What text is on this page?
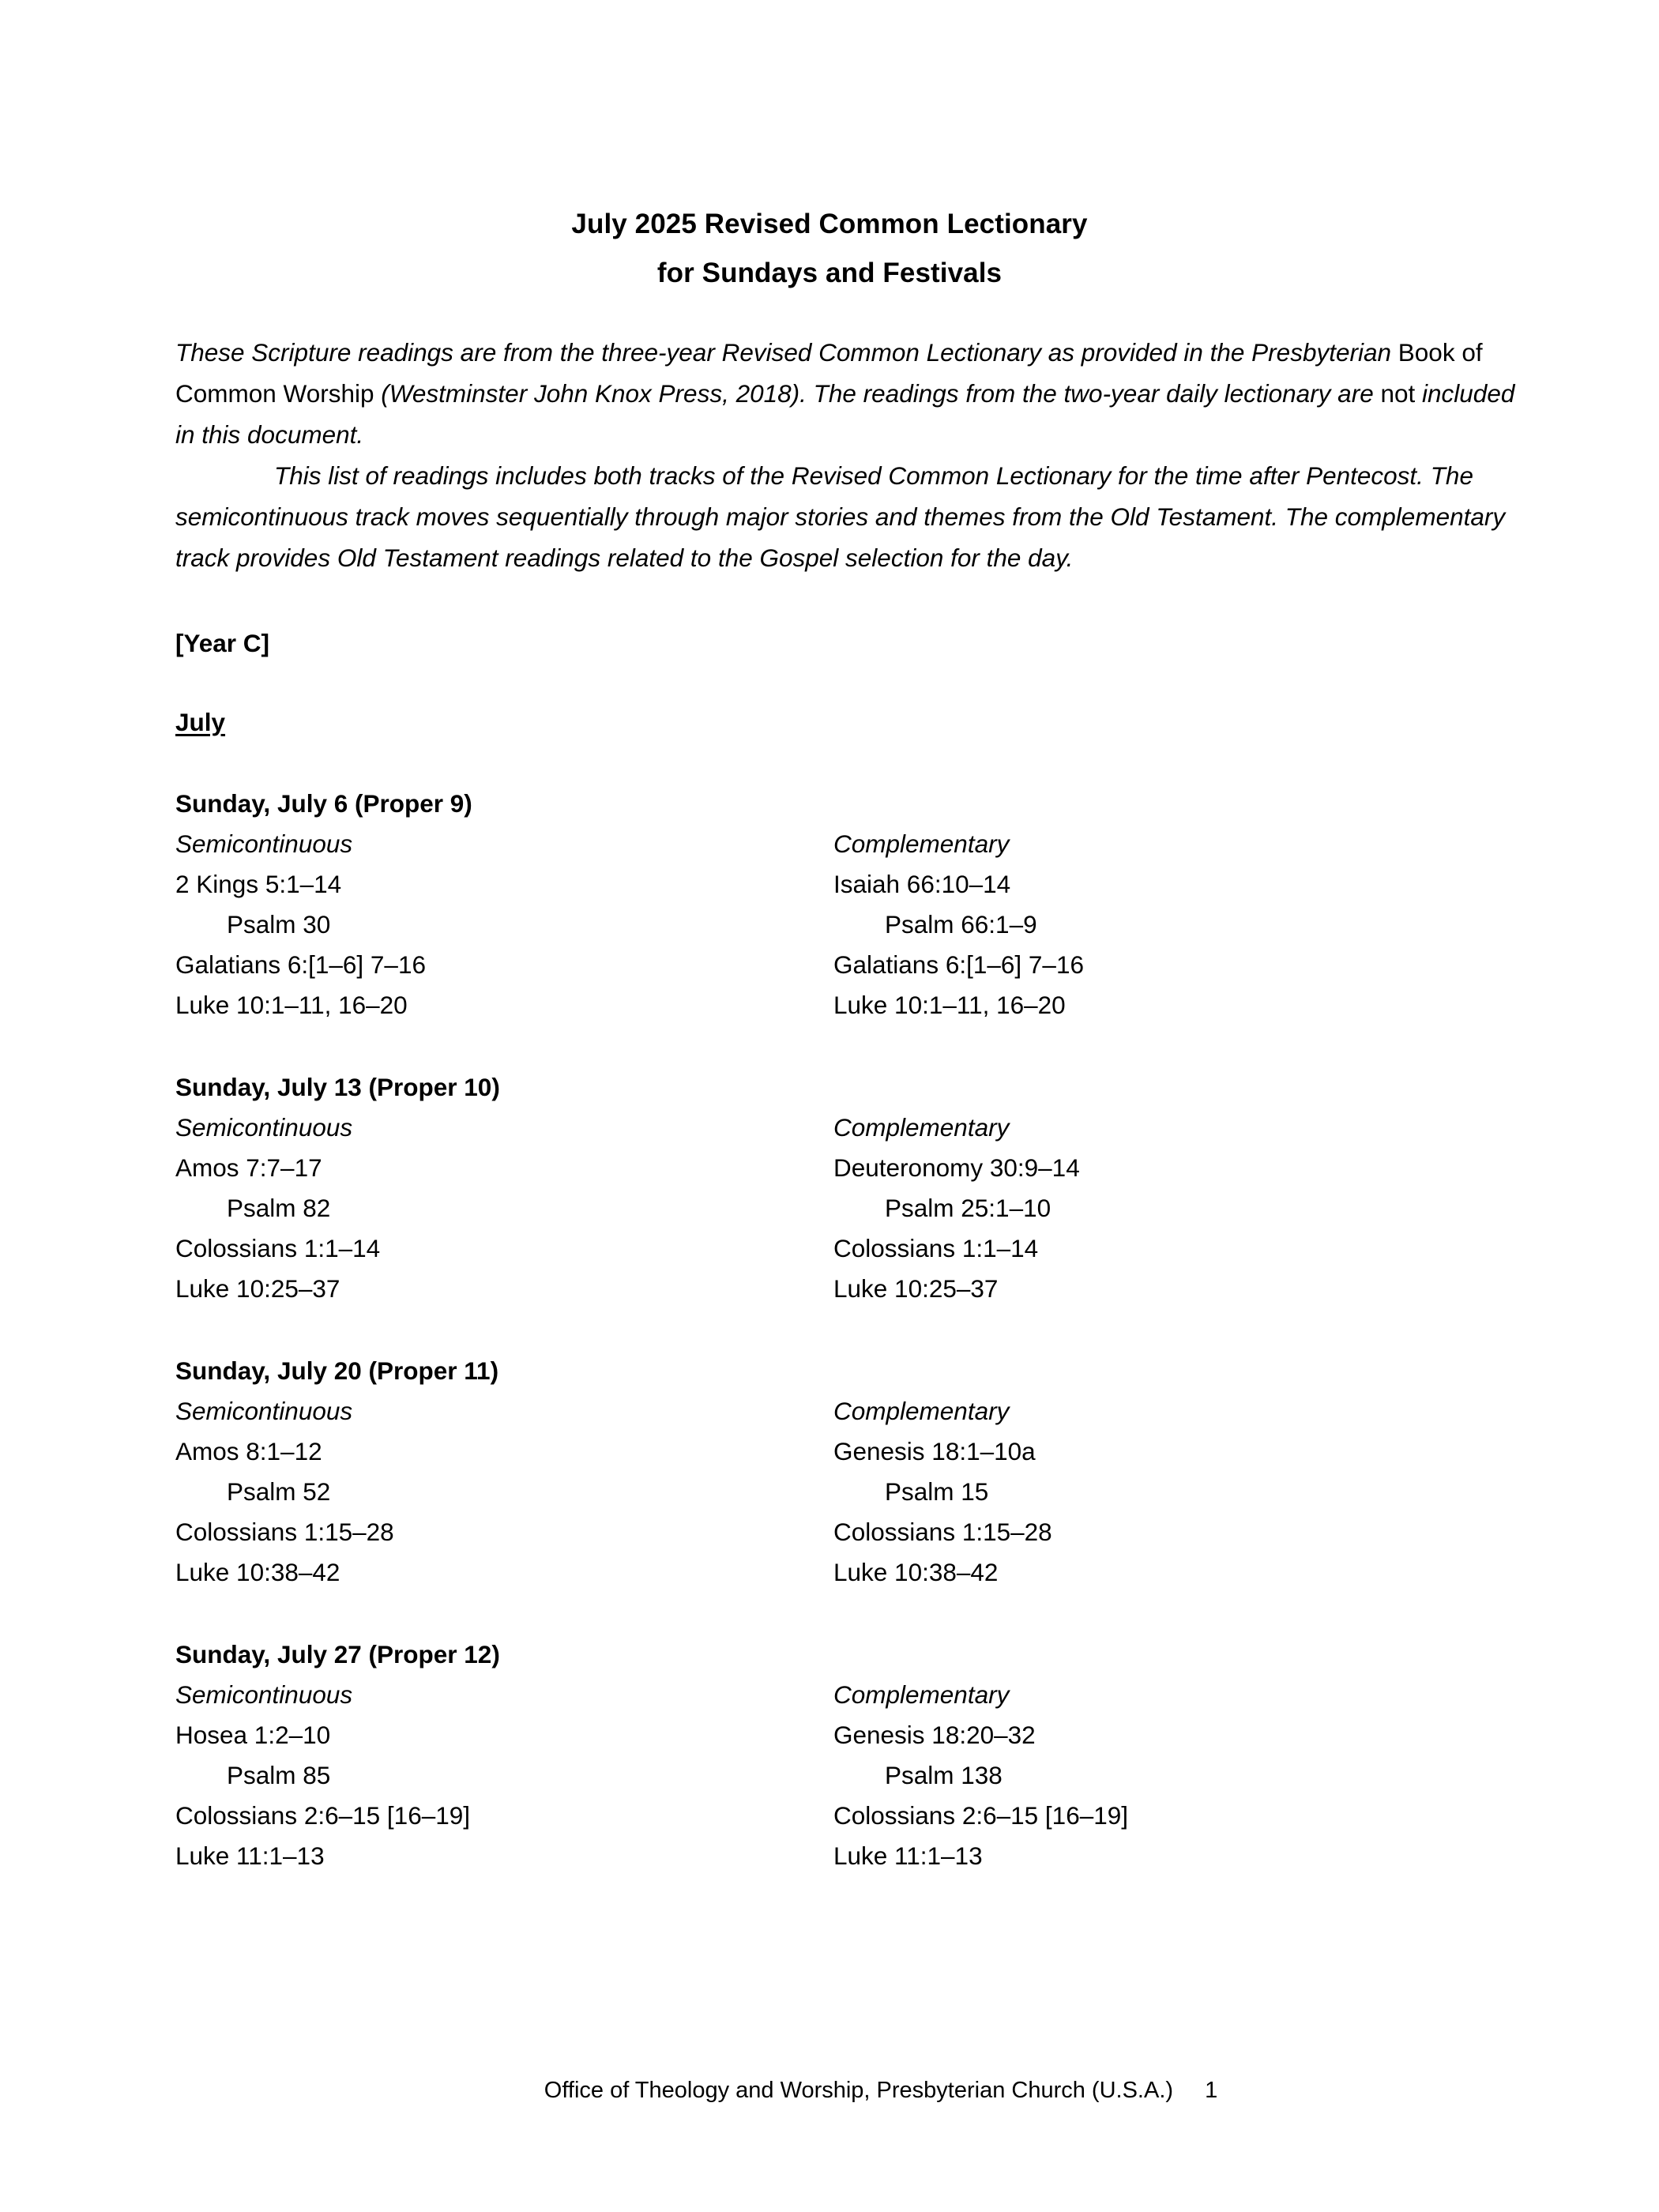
July 2025 Revised Common Lectionary
for Sundays and Festivals
These Scripture readings are from the three-year Revised Common Lectionary as provided in the Presbyterian Book of Common Worship (Westminster John Knox Press, 2018). The readings from the two-year daily lectionary are not included in this document.
This list of readings includes both tracks of the Revised Common Lectionary for the time after Pentecost. The semicontinuous track moves sequentially through major stories and themes from the Old Testament. The complementary track provides Old Testament readings related to the Gospel selection for the day.
[Year C]
July
Sunday, July 6 (Proper 9)
Semicontinuous
2 Kings 5:1–14
Psalm 30
Galatians 6:[1–6] 7–16
Luke 10:1–11, 16–20
Complementary
Isaiah 66:10–14
Psalm 66:1–9
Galatians 6:[1–6] 7–16
Luke 10:1–11, 16–20
Sunday, July 13 (Proper 10)
Semicontinuous
Amos 7:7–17
Psalm 82
Colossians 1:1–14
Luke 10:25–37
Complementary
Deuteronomy 30:9–14
Psalm 25:1–10
Colossians 1:1–14
Luke 10:25–37
Sunday, July 20 (Proper 11)
Semicontinuous
Amos 8:1–12
Psalm 52
Colossians 1:15–28
Luke 10:38–42
Complementary
Genesis 18:1–10a
Psalm 15
Colossians 1:15–28
Luke 10:38–42
Sunday, July 27 (Proper 12)
Semicontinuous
Hosea 1:2–10
Psalm 85
Colossians 2:6–15 [16–19]
Luke 11:1–13
Complementary
Genesis 18:20–32
Psalm 138
Colossians 2:6–15 [16–19]
Luke 11:1–13
Office of Theology and Worship, Presbyterian Church (U.S.A.) 1
